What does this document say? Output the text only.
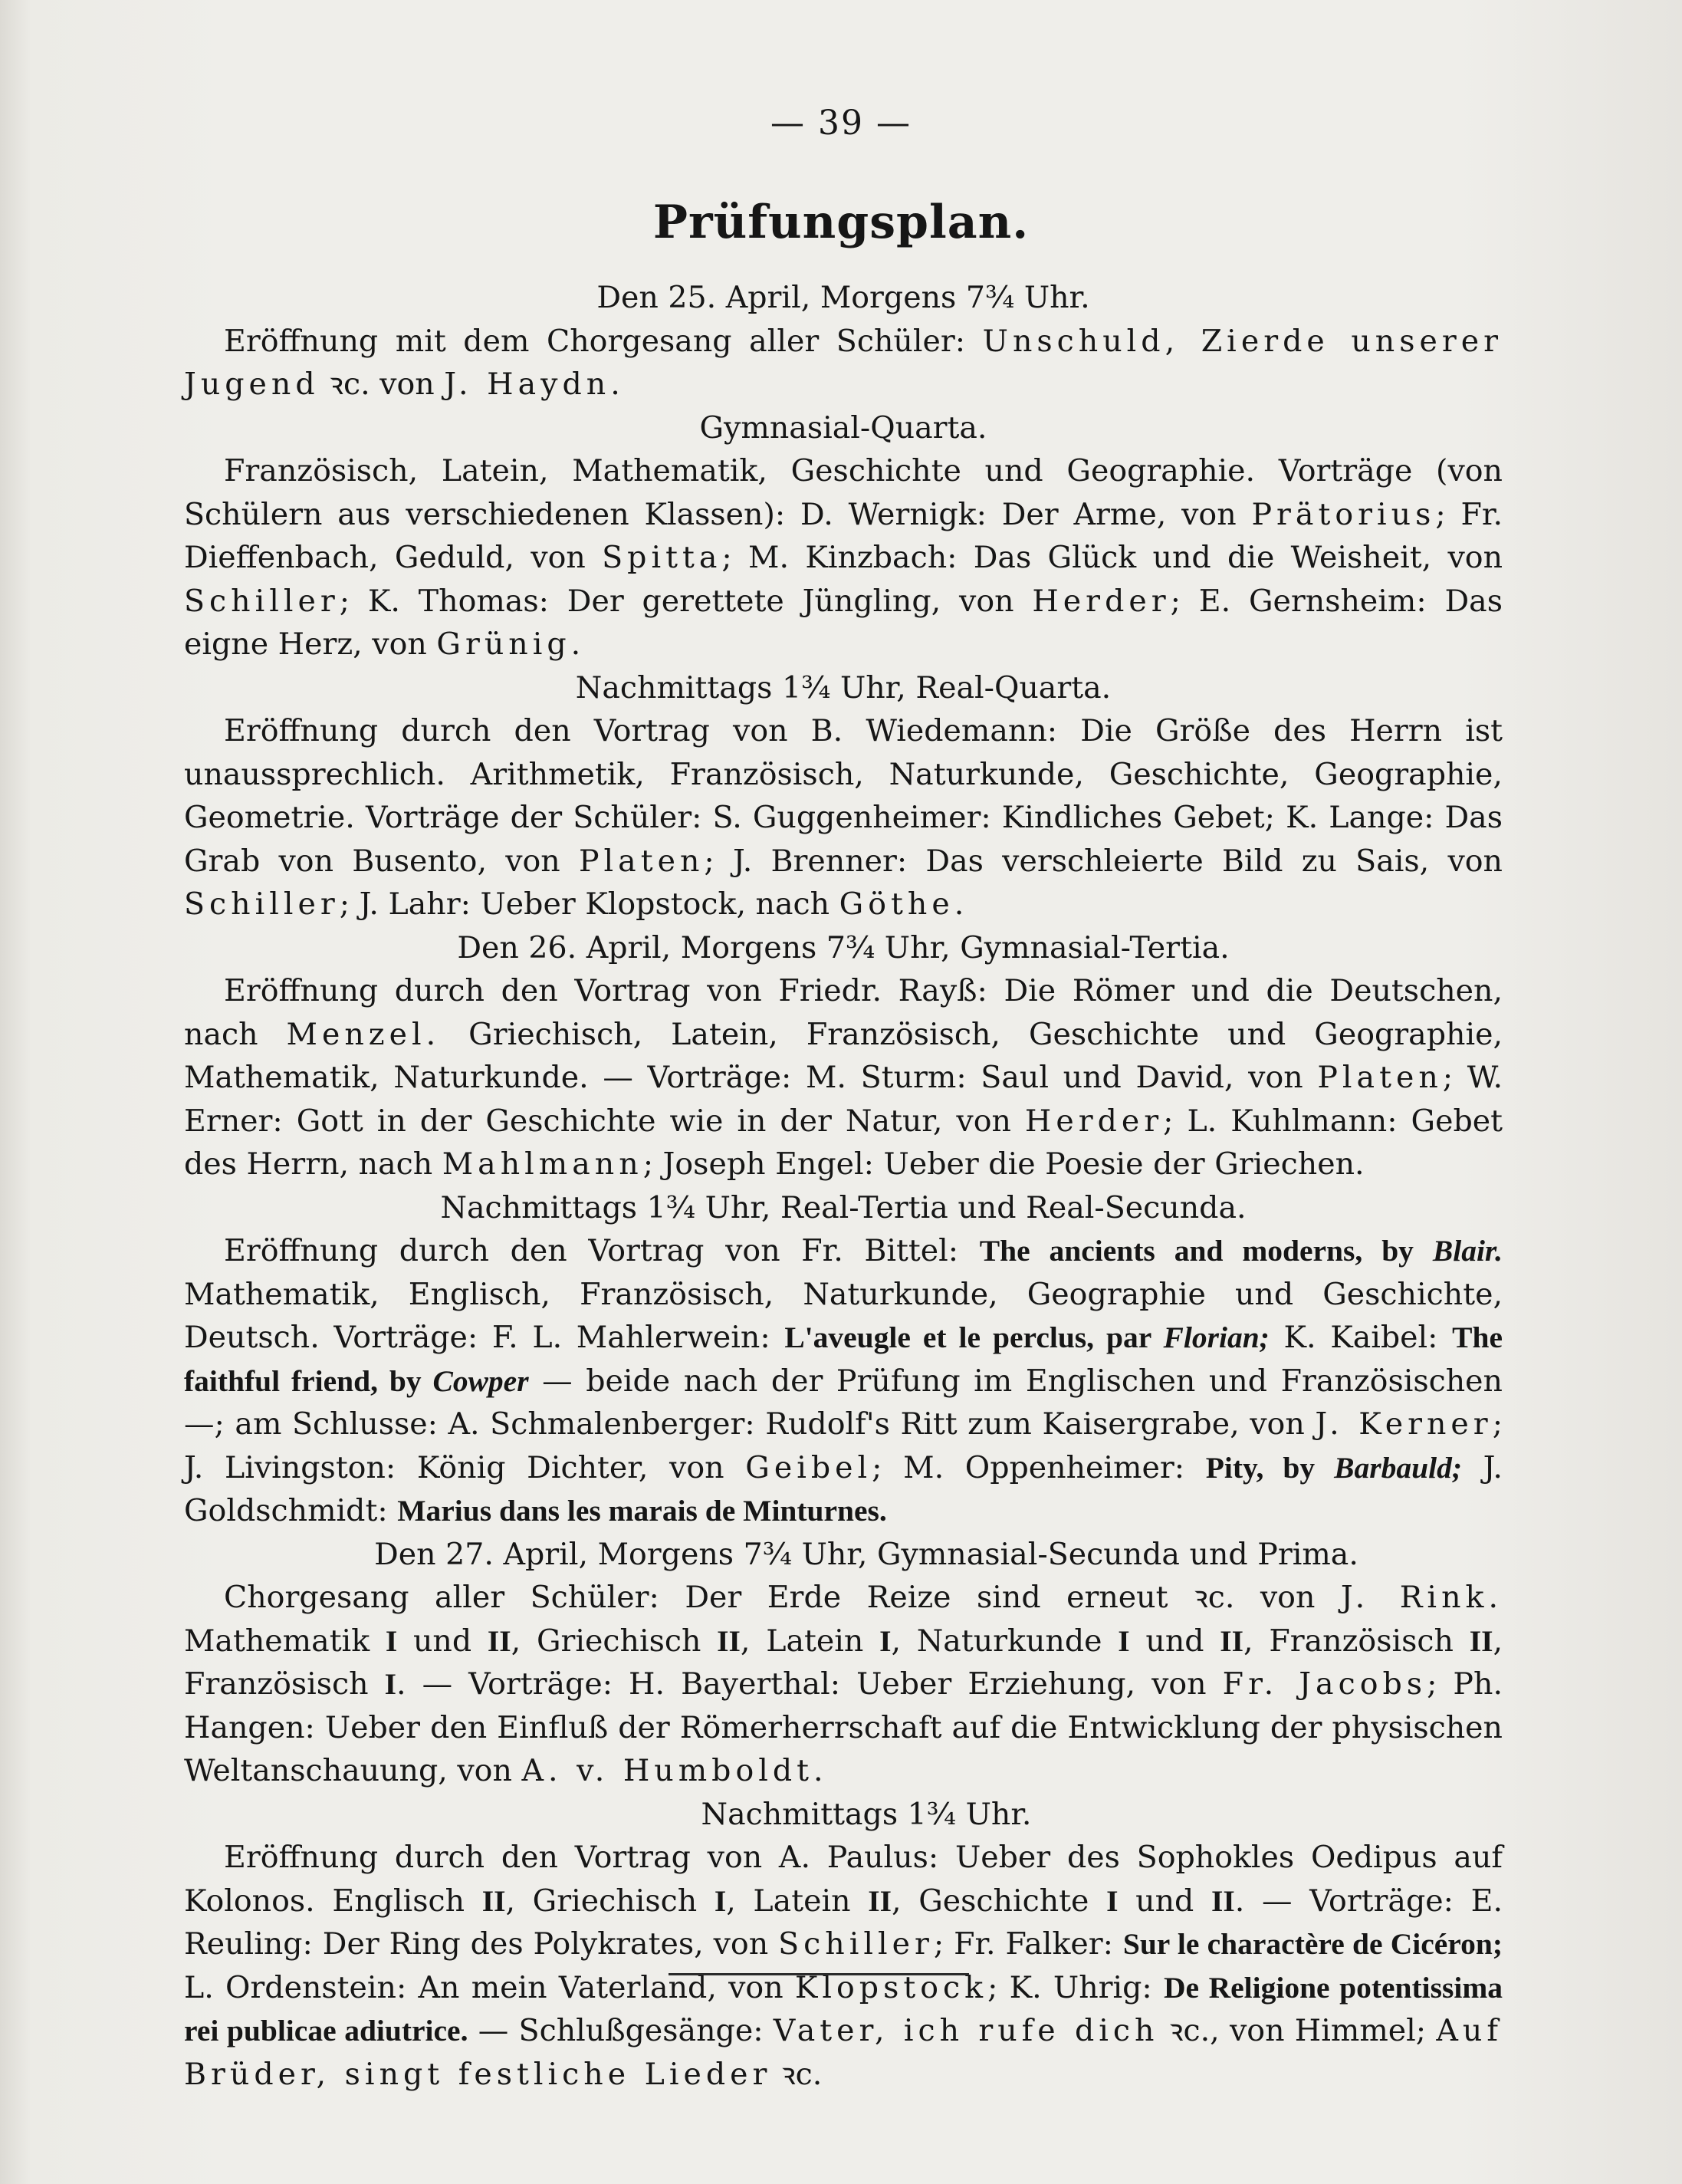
— 39 —
Prüfungsplan.

Den 25. April, Morgens 7¾ Uhr.

Eröffnung mit dem Chorgesang aller Schüler: Unschuld, Zierde unserer Jugend ꝛc. von J. Haydn.

Gymnasial-Quarta.

Französisch, Latein, Mathematik, Geschichte und Geographie. Vorträge (von Schülern aus verschiedenen Klassen): D. Wernigk: Der Arme, von Prätorius; Fr. Dieffenbach, Geduld, von Spitta; M. Kinzbach: Das Glück und die Weisheit, von Schiller; K. Thomas: Der gerettete Jüngling, von Herder; E. Gernsheim: Das eigne Herz, von Grünig.

Nachmittags 1¾ Uhr, Real-Quarta.

Eröffnung durch den Vortrag von B. Wiedemann: Die Größe des Herrn ist unaussprechlich. Arithmetik, Französisch, Naturkunde, Geschichte, Geographie, Geometrie. Vorträge der Schüler: S. Guggenheimer: Kindliches Gebet; K. Lange: Das Grab von Busento, von Platen; J. Brenner: Das verschleierte Bild zu Sais, von Schiller; J. Lahr: Ueber Klopstock, nach Göthe.

Den 26. April, Morgens 7¾ Uhr, Gymnasial-Tertia.

Eröffnung durch den Vortrag von Friedr. Rayß: Die Römer und die Deutschen, nach Menzel. Griechisch, Latein, Französisch, Geschichte und Geographie, Mathematik, Naturkunde. — Vorträge: M. Sturm: Saul und David, von Platen; W. Erner: Gott in der Geschichte wie in der Natur, von Herder; L. Kuhlmann: Gebet des Herrn, nach Mahlmann; Joseph Engel: Ueber die Poesie der Griechen.

Nachmittags 1¾ Uhr, Real-Tertia und Real-Secunda.

Eröffnung durch den Vortrag von Fr. Bittel: The ancients and moderns, by Blair. Mathematik, Englisch, Französisch, Naturkunde, Geographie und Geschichte, Deutsch. Vorträge: F. L. Mahlerwein: L'aveugle et le perclus, par Florian; K. Kaibel: The faithful friend, by Cowper — beide nach der Prüfung im Englischen und Französischen —; am Schlusse: A. Schmalenberger: Rudolf's Ritt zum Kaisergrabe, von J. Kerner; J. Livingston: König Dichter, von Geibel; M. Oppenheimer: Pity, by Barbauld; J. Goldschmidt: Marius dans les marais de Minturnes.

Den 27. April, Morgens 7¾ Uhr, Gymnasial-Secunda und Prima.

Chorgesang aller Schüler: Der Erde Reize sind erneut ꝛc. von J. Rink. Mathematik I und II, Griechisch II, Latein I, Naturkunde I und II, Französisch II, Französisch I. — Vorträge: H. Bayerthal: Ueber Erziehung, von Fr. Jacobs; Ph. Hangen: Ueber den Einfluß der Römerherrschaft auf die Entwicklung der physischen Weltanschauung, von A. v. Humboldt.

Nachmittags 1¾ Uhr.

Eröffnung durch den Vortrag von A. Paulus: Ueber des Sophokles Oedipus auf Kolonos. Englisch II, Griechisch I, Latein II, Geschichte I und II. — Vorträge: E. Reuling: Der Ring des Polykrates, von Schiller; Fr. Falker: Sur le charactère de Cicéron; L. Ordenstein: An mein Vaterland, von Klopstock; K. Uhrig: De Religione potentissima rei publicae adiutrice. — Schlußgesänge: Vater, ich rufe dich ꝛc., von Himmel; Auf Brüder, singt festliche Lieder ꝛc.
